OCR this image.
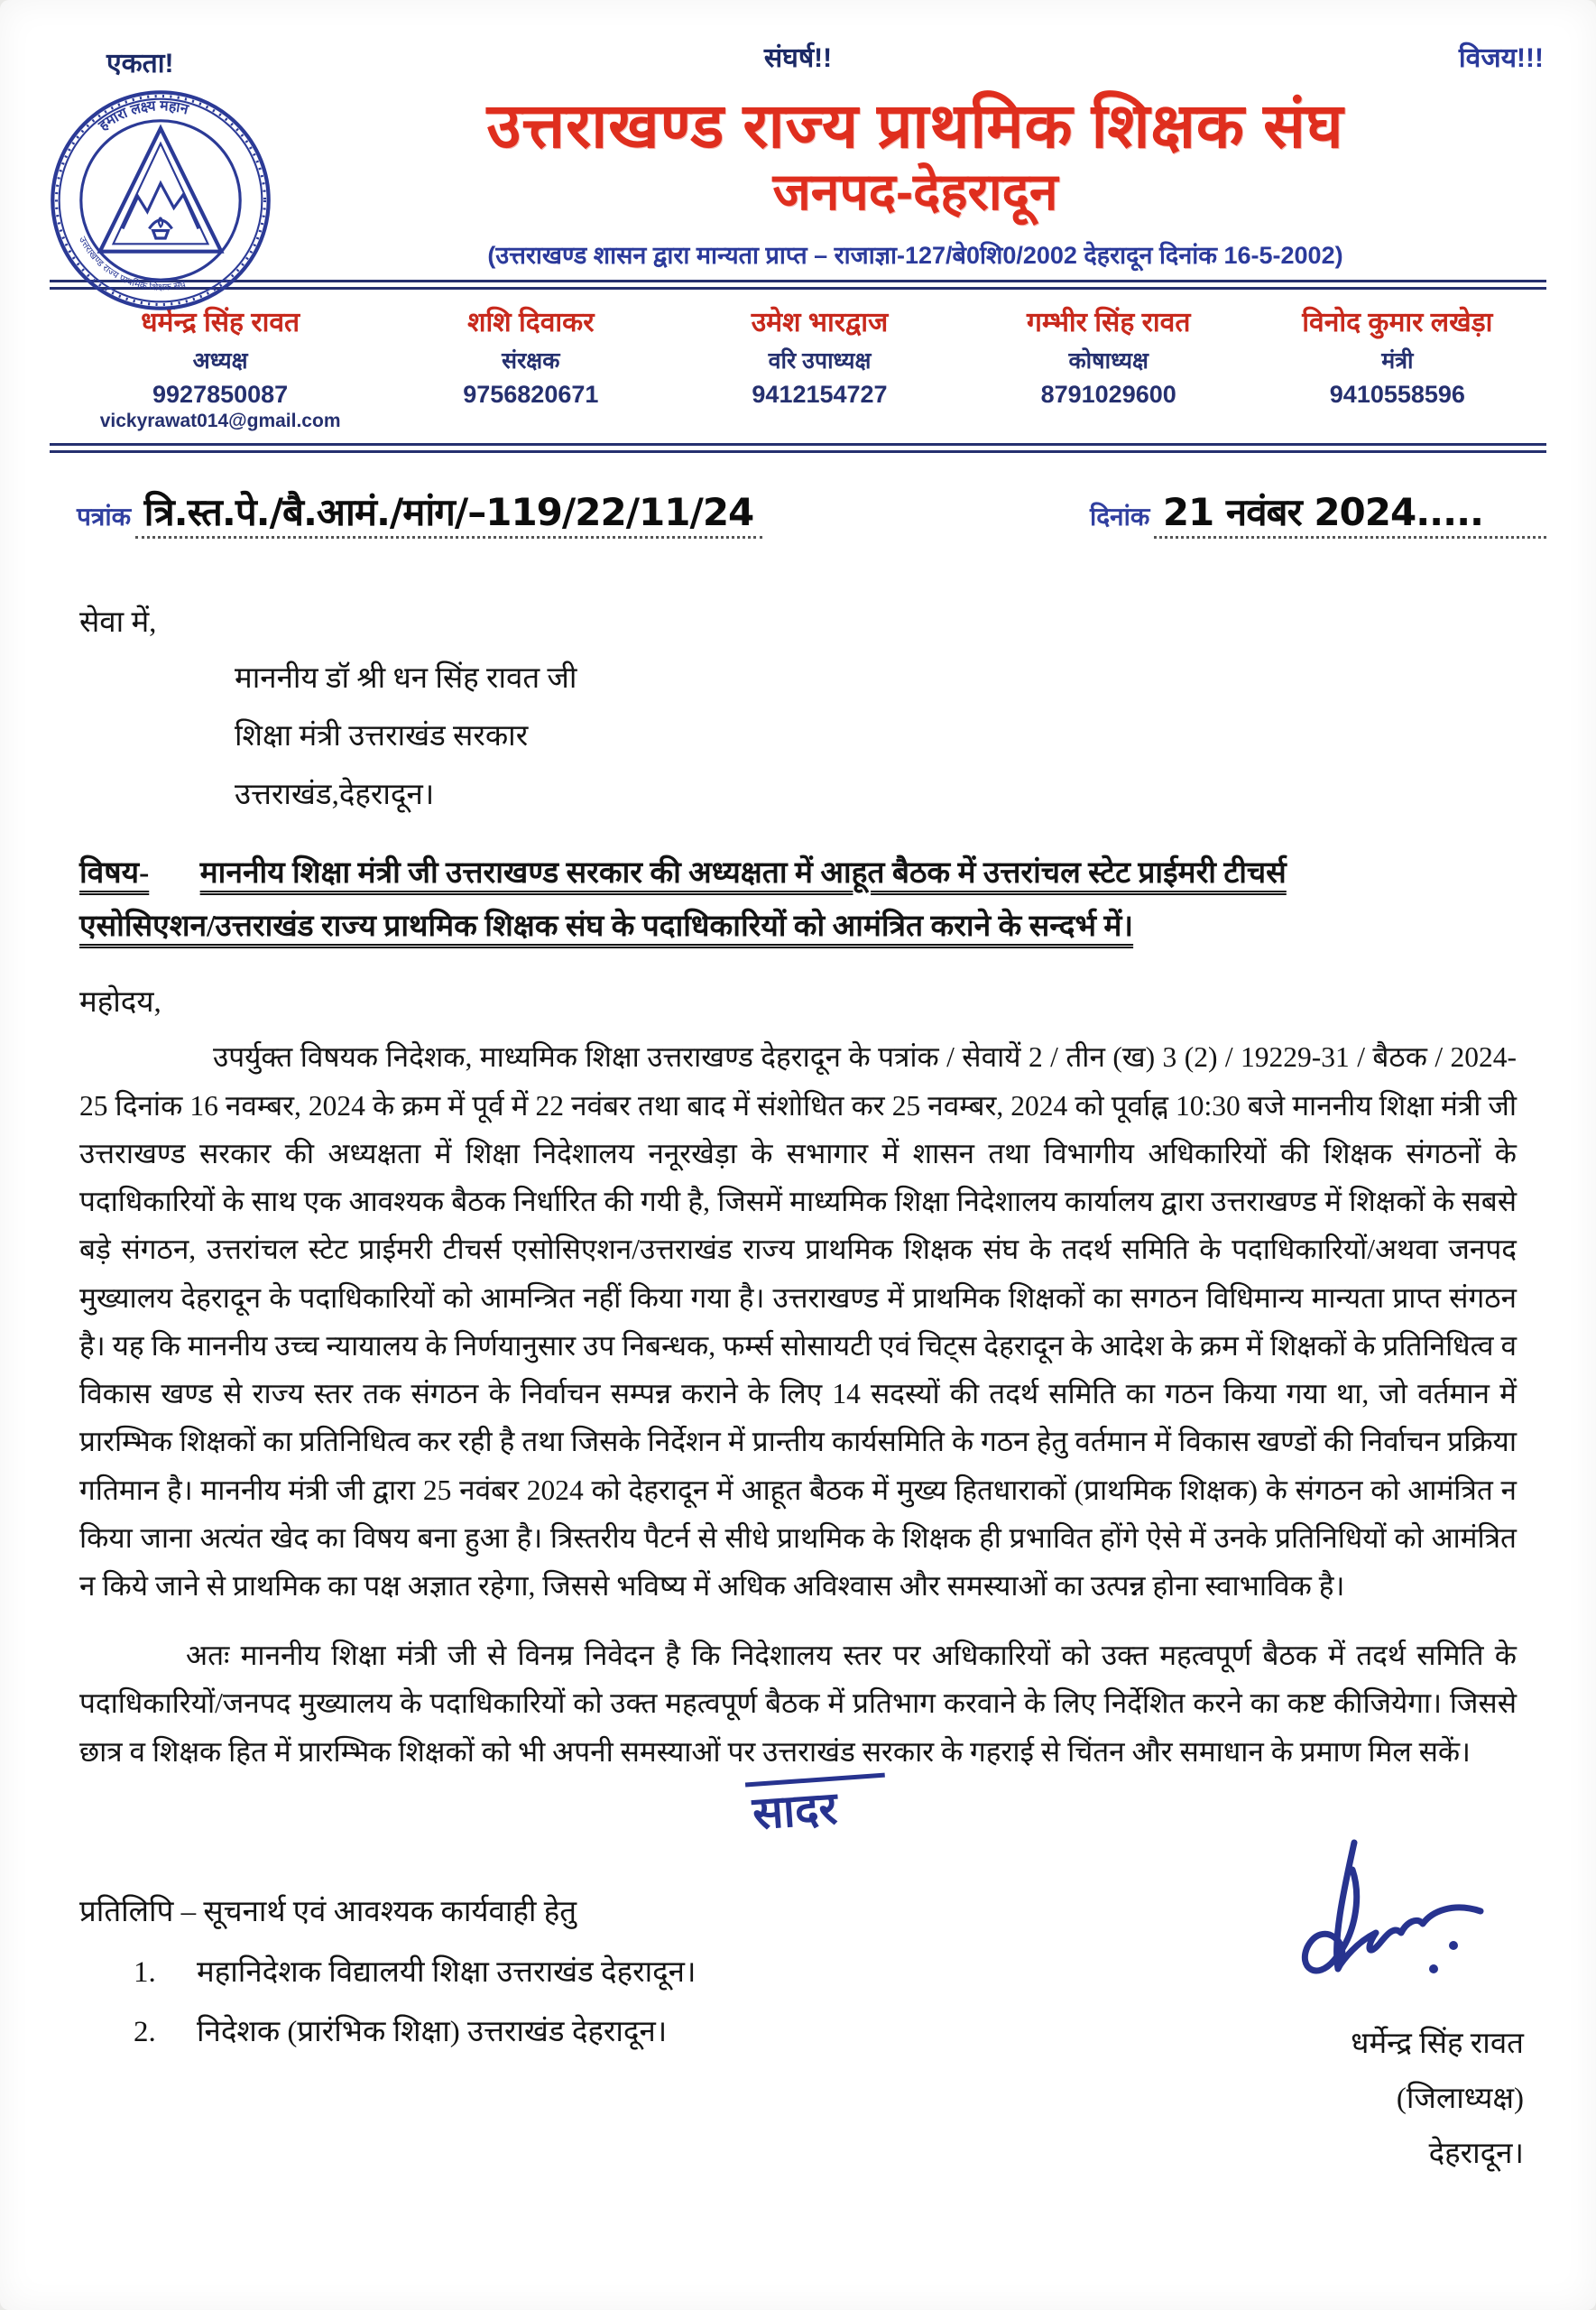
एकता!	संघर्ष!!	विजय!!!
हमारा लक्ष्य महान
उत्तराखण्ड राज्य प्राथमिक शिक्षक संघ
उत्तराखण्ड राज्य प्राथमिक शिक्षक संघ
जनपद-देहरादून
(उत्तराखण्ड शासन द्वारा मान्यता प्राप्त – राजाज्ञा-127/बे0शि0/2002 देहरादून दिनांक 16-5-2002)
धर्मेन्द्र सिंह रावत
अध्यक्ष
9927850087
vickyrawat014@gmail.com
शशि दिवाकर
संरक्षक
9756820671
उमेश भारद्वाज
वरि उपाध्यक्ष
9412154727
गम्भीर सिंह रावत
कोषाध्यक्ष
8791029600
विनोद कुमार लखेड़ा
मंत्री
9410558596
पत्रांक त्रि.स्त.पे./बै.आमं./मांग/–119/22/11/24	दिनांक 21 नवंबर 2024.....
सेवा में,
माननीय डॉ श्री धन सिंह रावत जी
शिक्षा मंत्री उत्तराखंड सरकार
उत्तराखंड,देहरादून।
विषय- माननीय शिक्षा मंत्री जी उत्तराखण्ड सरकार की अध्यक्षता में आहूत बैठक में उत्तरांचल स्टेट प्राईमरी टीचर्स
एसोसिएशन/उत्तराखंड राज्य प्राथमिक शिक्षक संघ के पदाधिकारियों को आमंत्रित कराने के सन्दर्भ में।
महोदय,
उपर्युक्त विषयक निदेशक, माध्यमिक शिक्षा उत्तराखण्ड देहरादून के पत्रांक / सेवायें 2 / तीन (ख) 3 (2) / 19229-31 / बैठक / 2024-25 दिनांक 16 नवम्बर, 2024 के क्रम में पूर्व में 22 नवंबर तथा बाद में संशोधित कर 25 नवम्बर, 2024 को पूर्वाह्न 10:30 बजे माननीय शिक्षा मंत्री जी उत्तराखण्ड सरकार की अध्यक्षता में शिक्षा निदेशालय ननूरखेड़ा के सभागार में शासन तथा विभागीय अधिकारियों की शिक्षक संगठनों के पदाधिकारियों के साथ एक आवश्यक बैठक निर्धारित की गयी है, जिसमें माध्यमिक शिक्षा निदेशालय कार्यालय द्वारा उत्तराखण्ड में शिक्षकों के सबसे बड़े संगठन, उत्तरांचल स्टेट प्राईमरी टीचर्स एसोसिएशन/उत्तराखंड राज्य प्राथमिक शिक्षक संघ के तदर्थ समिति के पदाधिकारियों/अथवा जनपद मुख्यालय देहरादून के पदाधिकारियों को आमन्त्रित नहीं किया गया है। उत्तराखण्ड में प्राथमिक शिक्षकों का सगठन विधिमान्य मान्यता प्राप्त संगठन है। यह कि माननीय उच्च न्यायालय के निर्णयानुसार उप निबन्धक, फर्म्स सोसायटी एवं चिट्स देहरादून के आदेश के क्रम में शिक्षकों के प्रतिनिधित्व व विकास खण्ड से राज्य स्तर तक संगठन के निर्वाचन सम्पन्न कराने के लिए 14 सदस्यों की तदर्थ समिति का गठन किया गया था, जो वर्तमान में प्रारम्भिक शिक्षकों का प्रतिनिधित्व कर रही है तथा जिसके निर्देशन में प्रान्तीय कार्यसमिति के गठन हेतु वर्तमान में विकास खण्डों की निर्वाचन प्रक्रिया गतिमान है। माननीय मंत्री जी द्वारा 25 नवंबर 2024 को देहरादून में आहूत बैठक में मुख्य हितधाराकों (प्राथमिक शिक्षक) के संगठन को आमंत्रित न किया जाना अत्यंत खेद का विषय बना हुआ है। त्रिस्तरीय पैटर्न से सीधे प्राथमिक के शिक्षक ही प्रभावित होंगे ऐसे में उनके प्रतिनिधियों को आमंत्रित न किये जाने से प्राथमिक का पक्ष अज्ञात रहेगा, जिससे भविष्य में अधिक अविश्वास और समस्याओं का उत्पन्न होना स्वाभाविक है।
अतः माननीय शिक्षा मंत्री जी से विनम्र निवेदन है कि निदेशालय स्तर पर अधिकारियों को उक्त महत्वपूर्ण बैठक में तदर्थ समिति के पदाधिकारियों/जनपद मुख्यालय के पदाधिकारियों को उक्त महत्वपूर्ण बैठक में प्रतिभाग करवाने के लिए निर्देशित करने का कष्ट कीजियेगा। जिससे छात्र व शिक्षक हित में प्रारम्भिक शिक्षकों को भी अपनी समस्याओं पर उत्तराखंड सरकार के गहराई से चिंतन और समाधान के प्रमाण मिल सकें।
सादर
प्रतिलिपि – सूचनार्थ एवं आवश्यक कार्यवाही हेतु
1.	महानिदेशक विद्यालयी शिक्षा उत्तराखंड देहरादून।
2.	निदेशक (प्रारंभिक शिक्षा) उत्तराखंड देहरादून।	धर्मेन्द्र सिंह रावत
(जिलाध्यक्ष)
देहरादून।
